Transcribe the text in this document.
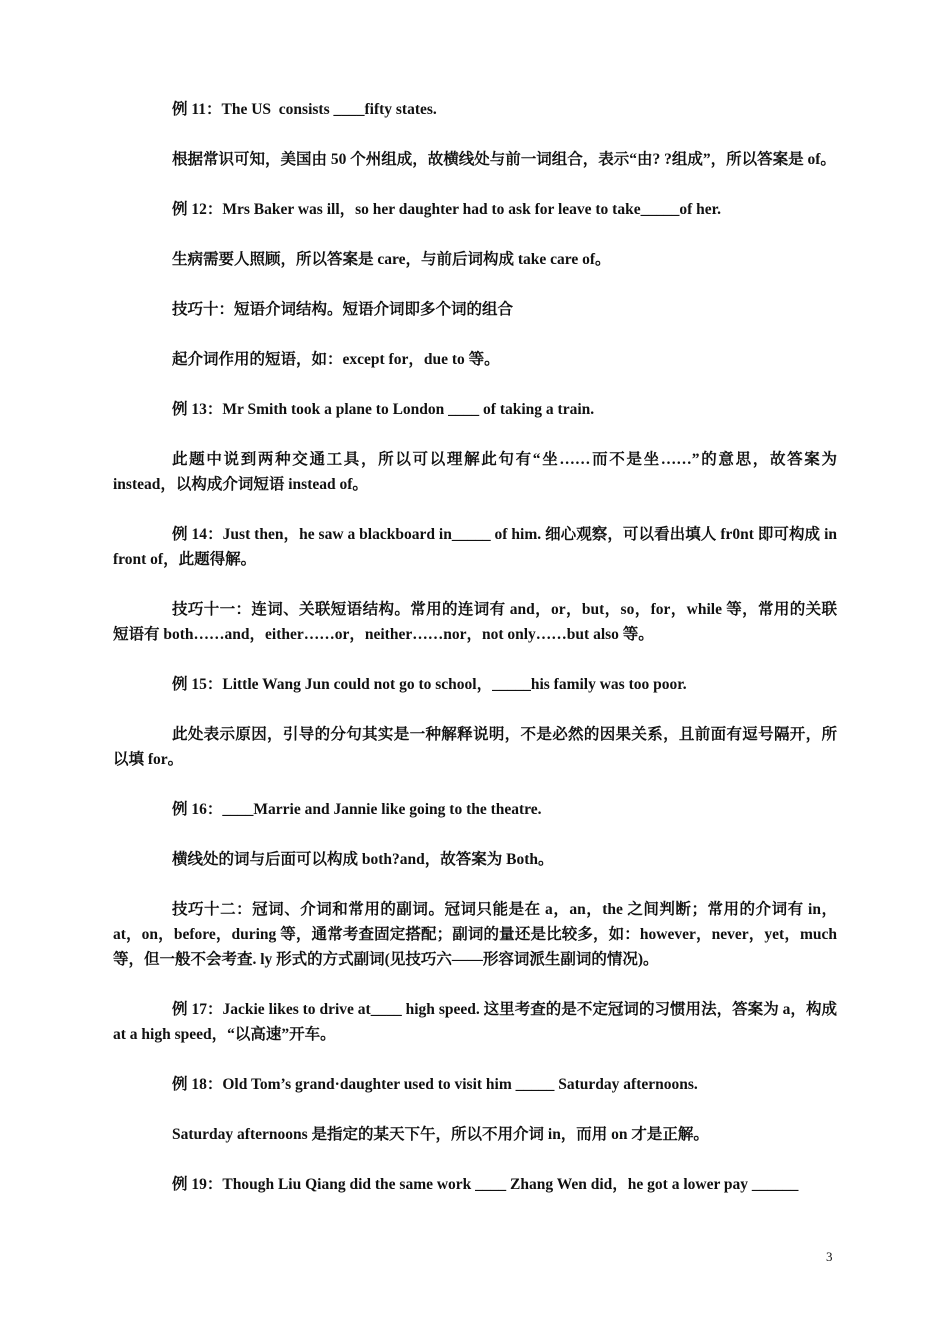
例 11：The US  consists ____fifty states.

根据常识可知，美国由 50 个州组成，故横线处与前一词组合，表示“由? ?组成”，所以答案是 of。

例 12：Mrs Baker was ill，so her daughter had to ask for leave to take_____of her.

生病需要人照顾，所以答案是 care，与前后词构成 take care of。

技巧十：短语介词结构。短语介词即多个词的组合

起介词作用的短语，如：except for，due to 等。

例 13：Mr Smith took a plane to London ____ of taking a train.

此题中说到两种交通工具，所以可以理解此句有“坐……而不是坐……”的意思，故答案为 instead，以构成介词短语 instead of。

例 14：Just then，he saw a blackboard in_____ of him. 细心观察，可以看出填人 fr0nt 即可构成 in front of，此题得解。

技巧十一：连词、关联短语结构。常用的连词有 and，or，but，so，for，while 等，常用的关联短语有 both……and，either……or，neither……nor，not only……but also 等。

例 15：Little Wang Jun could not go to school，_____his family was too poor.

此处表示原因，引导的分句其实是一种解释说明，不是必然的因果关系，且前面有逗号隔开，所以填 for。

例 16：____Marrie and Jannie like going to the theatre.

横线处的词与后面可以构成 both?and，故答案为 Both。

技巧十二：冠词、介词和常用的副词。冠词只能是在 a，an，the 之间判断；常用的介词有 in，at，on，before，during 等，通常考查固定搭配；副词的量还是比较多，如：however，never，yet，much 等，但一般不会考查. ly 形式的方式副词(见技巧六——形容词派生副词的情况)。

例 17：Jackie likes to drive at____ high speed. 这里考查的是不定冠词的习惯用法，答案为 a，构成 at a high speed，“以高速”开车。

例 18：Old Tom’s grand·daughter used to visit him _____ Saturday afternoons.

Saturday afternoons 是指定的某天下午，所以不用介词 in，而用 on 才是正解。

例 19：Though Liu Qiang did the same work ____ Zhang Wen did，he got a lower pay ______

3
